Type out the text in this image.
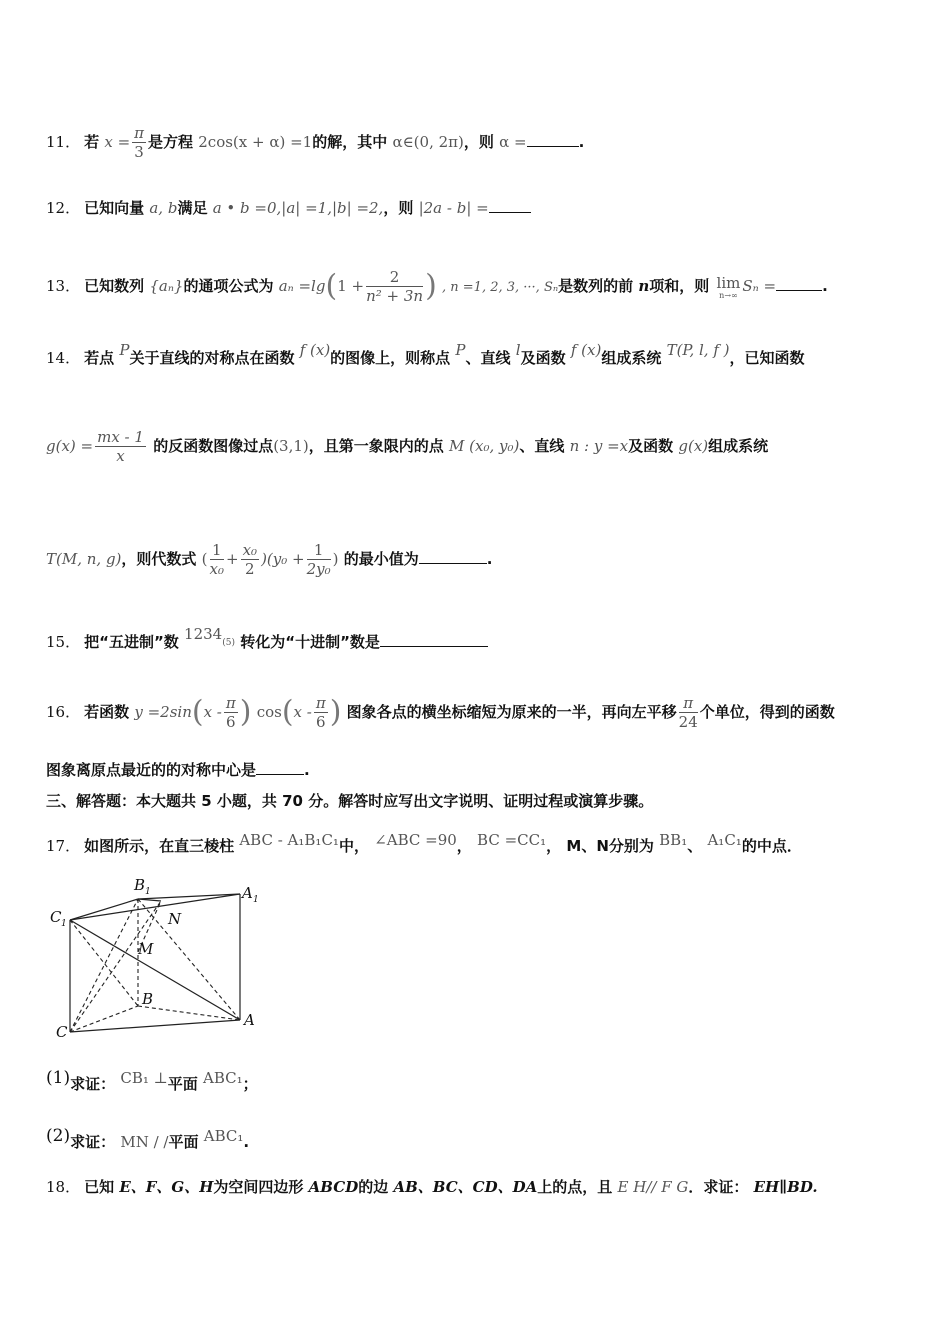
11． 若 $x = \frac{\pi}{3}$ 是方程 2cos(x + α) =1的解，其中 α∈(0, 2π)，则 α =	.
12． 已知向量 a, b满足 a • b =0,|a| =1,|b| =2,，则 |2a - b| =
13． 已知数列 {aₙ}的通项公式为 $a_n =\lg(1 + \frac{2}{\text{n² + 3n}}$ ) , n =1, 2, 3, ···, Sₙ是数列的前 n项和，则 lim
n→∞ Sₙ =	.
14． 若点 P关于直线的对称点在函数 f (x)的图像上，则称点 P、直线 l及函数 f (x)组成系统 T(P, l, f )，已知函数
$g(x) = \frac{mx - 1}{x}$ 的反函数图像过点(3,1)，且第一象限内的点 M (x₀, y₀)、直线 n : y =x及函数 g(x)组成系统
T(M, n, g)，则代数式 ( $\frac{1}{\text{x₀}} + \frac{\text{x₀}}{2} )(y_0 + \frac{1}{\text{2y₀}}$ ) 的最小值为	.
15． 把“五进制”数 1234(5) 转化为“十进制”数是
16． 若函数 $y =2\sin(x - \frac{\pi}{6}$ ) $\cos(x - \frac{\pi}{6}$ ) 图象各点的横坐标缩短为原来的一半，再向左平移 $\frac{\pi}{24}$ 个单位，得到的函数
图象离原点最近的的对称中心是	.
三、解答题：本大题共 5 小题，共 70 分。解答时应写出文字说明、证明过程或演算步骤。
17． 如图所示，在直三棱柱 ABC - A₁B₁C₁中， ∠ABC =90， BC =CC₁， M、N分别为 BB₁、 A₁C₁的中点．
B 1	A 1
C 1
M
N
B
A
C
(1)求证： CB₁ ⊥平面 ABC₁；
(2)求证： MN / /平面 ABC₁.
18． 已知 E、F、G、H为空间四边形 ABCD的边 AB、BC、CD、DA上的点，且 E H// F G．求证： EH∥BD.
